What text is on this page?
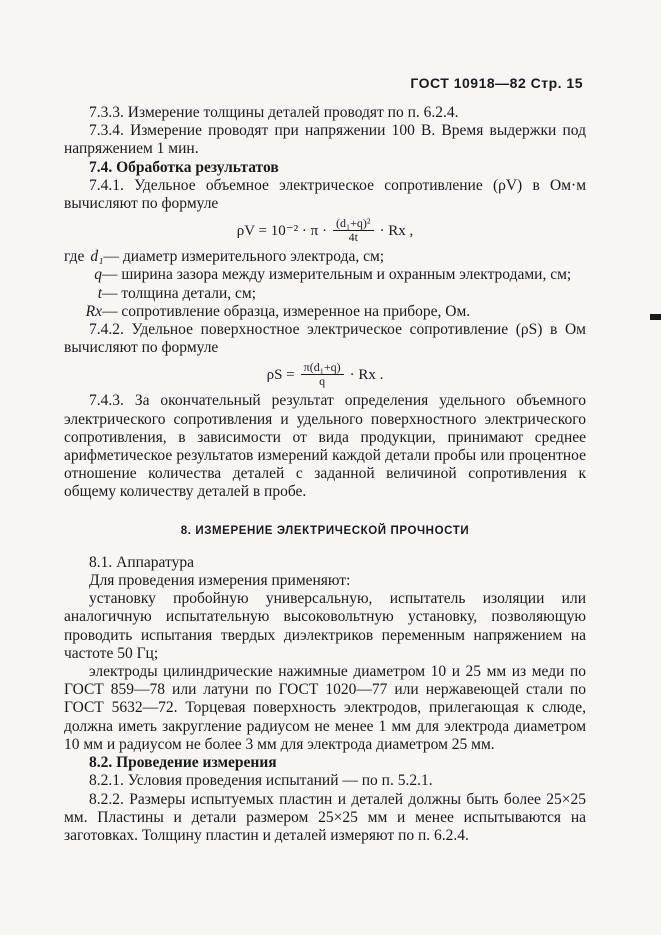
ГОСТ 10918—82 Стр. 15

7.3.3. Измерение толщины деталей проводят по п. 6.2.4.

7.3.4. Измерение проводят при напряжении 100 В. Время выдержки под напряжением 1 мин.

7.4. Обработка результатов

7.4.1. Удельное объемное электрическое сопротивление (ρV) в Ом·м вычисляют по формуле

$\rho V = 10^{-2} \cdot \pi \cdot \frac{\text{(d₁+q)²}}{4t} \cdot Rx$ ,
где d₁ — диаметр измерительного электрода, см;
q — ширина зазора между измерительным и охранным электродами, см;
t — толщина детали, см;
Rx — сопротивление образца, измеренное на приборе, Ом.

7.4.2. Удельное поверхностное электрическое сопротивление (ρS) в Ом вычисляют по формуле

$\rho S = \frac{\text{π(d₁+q)}}{q} \cdot Rx$ .

7.4.3. За окончательный результат определения удельного объемного электрического сопротивления и удельного поверхностного электрического сопротивления, в зависимости от вида продукции, принимают среднее арифметическое результатов измерений каждой детали пробы или процентное отношение количества деталей с заданной величиной сопротивления к общему количеству деталей в пробе.

8. ИЗМЕРЕНИЕ ЭЛЕКТРИЧЕСКОЙ ПРОЧНОСТИ

8.1. Аппаратура

Для проведения измерения применяют:

установку пробойную универсальную, испытатель изоляции или аналогичную испытательную высоковольтную установку, позволяющую проводить испытания твердых диэлектриков переменным напряжением на частоте 50 Гц;

электроды цилиндрические нажимные диаметром 10 и 25 мм из меди по ГОСТ 859—78 или латуни по ГОСТ 1020—77 или нержавеющей стали по ГОСТ 5632—72. Торцевая поверхность электродов, прилегающая к слюде, должна иметь закругление радиусом не менее 1 мм для электрода диаметром 10 мм и радиусом не более 3 мм для электрода диаметром 25 мм.

8.2. Проведение измерения

8.2.1. Условия проведения испытаний — по п. 5.2.1.

8.2.2. Размеры испытуемых пластин и деталей должны быть более 25×25 мм. Пластины и детали размером 25×25 мм и менее испытываются на заготовках. Толщину пластин и деталей измеряют по п. 6.2.4.
